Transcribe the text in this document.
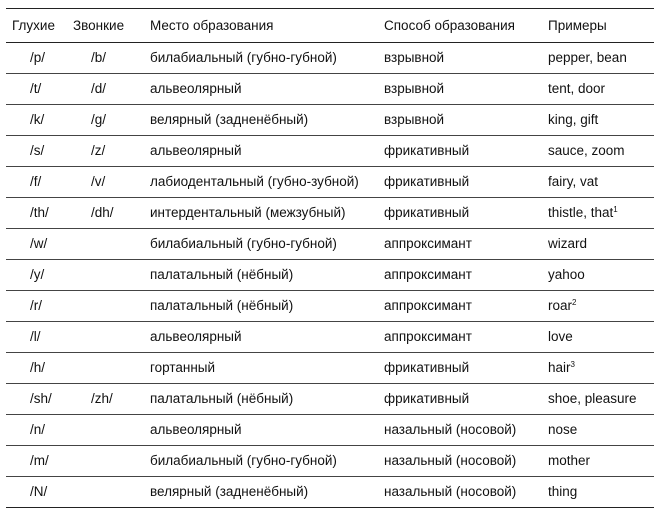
Глухие	Звонкие	Место образования	Способ образования	Примеры
/p/	/b/	билабиальный (губно-губной)	взрывной	pepper, bean
/t/	/d/	альвеолярный	взрывной	tent, door
/k/	/g/	велярный (задненёбный)	взрывной	king, gift
/s/	/z/	альвеолярный	фрикативный	sauce, zoom
/f/	/v/	лабиодентальный (губно-зубной)	фрикативный	fairy, vat
/th/	/dh/	интердентальный (межзубный)	фрикативный	thistle, that$^1$
/w/		билабиальный (губно-губной)	аппроксимант	wizard
/y/		палатальный (нёбный)	аппроксимант	yahoo
/r/		палатальный (нёбный)	аппроксимант	roar$^2$
/l/		альвеолярный	аппроксимант	love
/h/		гортанный	фрикативный	hair$^3$
/sh/	/zh/	палатальный (нёбный)	фрикативный	shoe, pleasure
/n/		альвеолярный	назальный (носовой)	nose
/m/		билабиальный (губно-губной)	назальный (носовой)	mother
/N/		велярный (задненёбный)	назальный (носовой)	thing
